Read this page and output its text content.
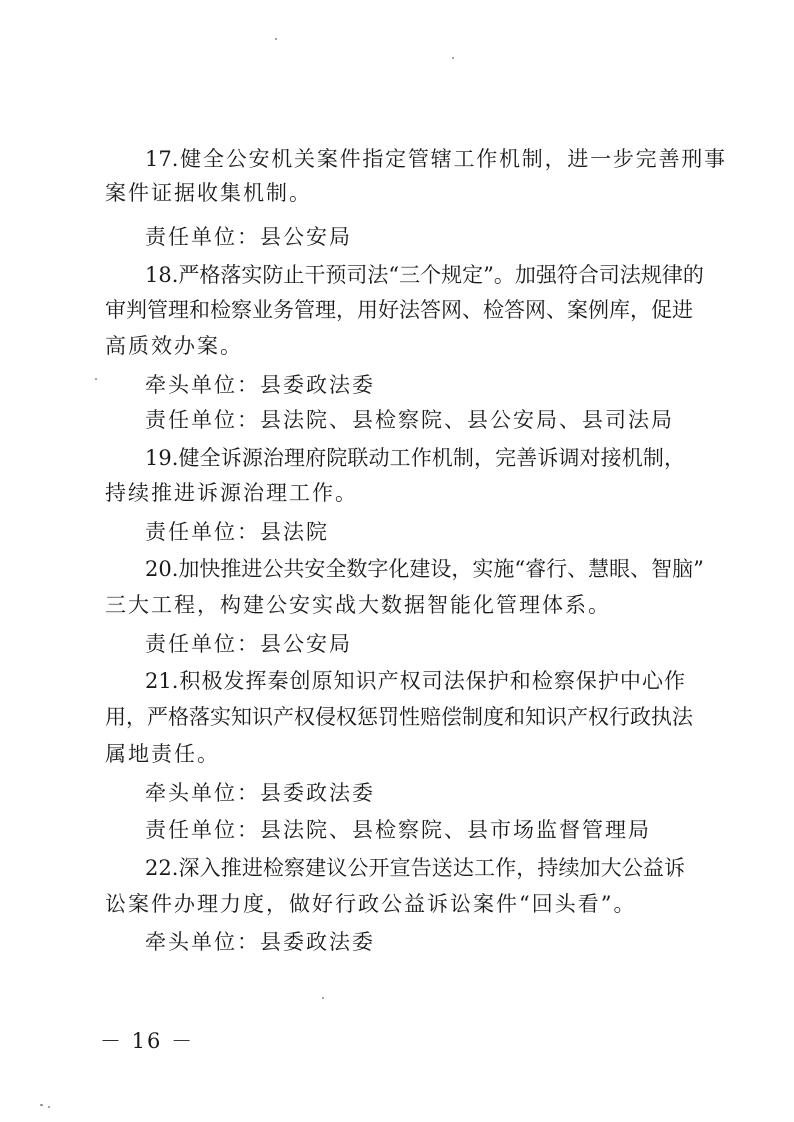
17.健全公安机关案件指定管辖工作机制，进一步完善刑事
案件证据收集机制。
责任单位：县公安局
18.严格落实防止干预司法“三个规定”。加强符合司法规律的
审判管理和检察业务管理，用好法答网、检答网、案例库，促进
高质效办案。
牵头单位：县委政法委
责任单位：县法院、县检察院、县公安局、县司法局
19.健全诉源治理府院联动工作机制，完善诉调对接机制，
持续推进诉源治理工作。
责任单位：县法院
20.加快推进公共安全数字化建设，实施“睿行、慧眼、智脑”
三大工程，构建公安实战大数据智能化管理体系。
责任单位：县公安局
21.积极发挥秦创原知识产权司法保护和检察保护中心作
用，严格落实知识产权侵权惩罚性赔偿制度和知识产权行政执法
属地责任。
牵头单位：县委政法委
责任单位：县法院、县检察院、县市场监督管理局
22.深入推进检察建议公开宣告送达工作，持续加大公益诉
讼案件办理力度，做好行政公益诉讼案件“回头看”。
牵头单位：县委政法委
－ 16 －
